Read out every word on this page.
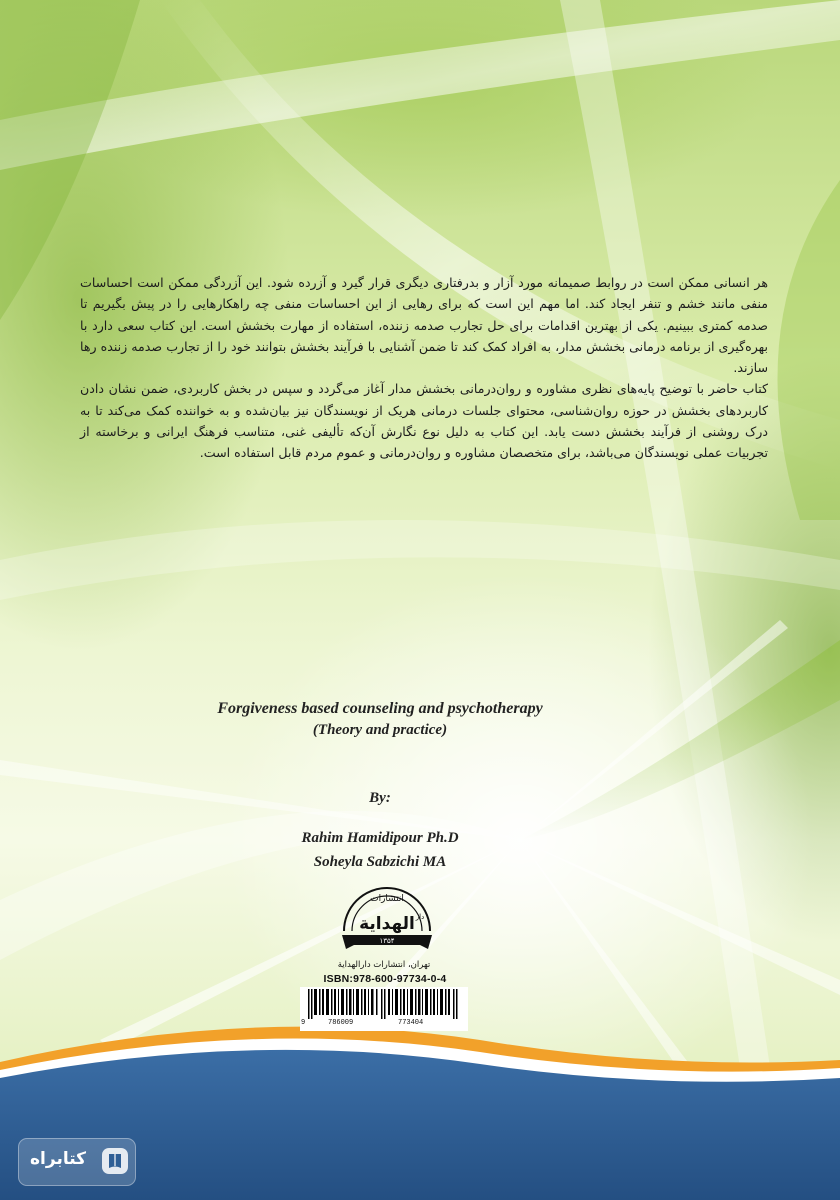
هر انسانی ممکن است در روابط صمیمانه مورد آزار و بدرفتاری دیگری قرار گیرد و آزرده شود. این آزردگی ممکن است احساسات منفی مانند خشم و تنفر ایجاد کند. اما مهم این است که برای رهایی از این احساسات منفی چه راهکارهایی را در پیش بگیریم تا صدمه کمتری ببینیم. یکی از بهترین اقدامات برای حل تجارب صدمه زننده، استفاده از مهارت بخشش است. این کتاب سعی دارد با بهره‌گیری از برنامه درمانی بخشش مدار، به افراد کمک کند تا ضمن آشنایی با فرآیند بخشش بتوانند خود را از تجارب صدمه زننده رها سازند.

کتاب حاضر با توضیح پایه‌های نظری مشاوره و روان‌درمانی بخشش مدار آغاز می‌گردد و سپس در بخش کاربردی، ضمن نشان دادن کاربردهای بخشش در حوزه روان‌شناسی، محتوای جلسات درمانی هریک از نویسندگان نیز بیان‌شده و به خواننده کمک می‌کند تا به درک روشنی از فرآیند بخشش دست یابد. این کتاب به دلیل نوع نگارش آن‌که تألیفی غنی، متناسب فرهنگ ایرانی و برخاسته از تجربیات عملی نویسندگان می‌باشد، برای متخصصان مشاوره و روان‌درمانی و عموم مردم قابل استفاده است.

Forgiveness based counseling and psychotherapy
(Theory and practice)
By:
Rahim Hamidipour Ph.D
Soheyla Sabzichi MA
انتشارات
دار
الهدایة
۱۳۵۴
تهران، انتشارات دارالهدایة
ISBN:978-600-97734-0-4
9	786009	773404
کتابراه
